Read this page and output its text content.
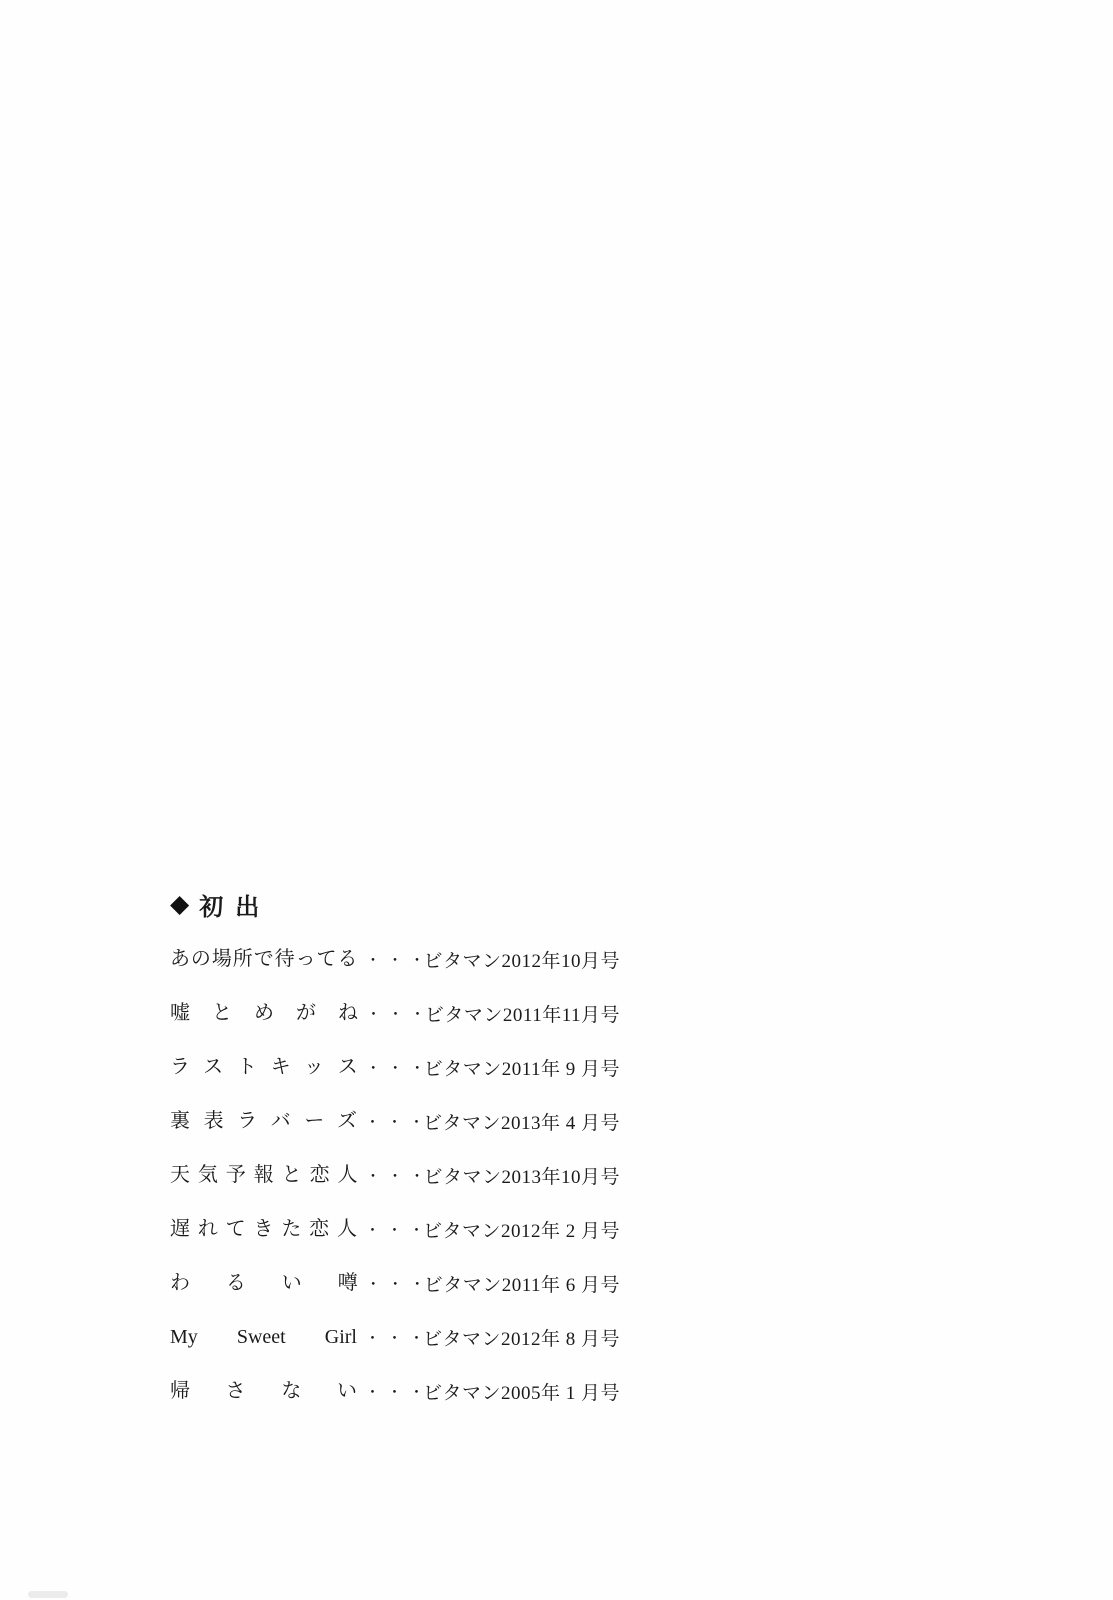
◆ 初 出
あの場所で待ってる ・・・
ビタマン2012年10月号
嘘とめがね ・・・
ビタマン2011年11月号
ラストキッス ・・・
ビタマン2011年 9 月号
裏表ラバーズ ・・・
ビタマン2013年 4 月号
天気予報と恋人 ・・・
ビタマン2013年10月号
遅れてきた恋人 ・・・
ビタマン2012年 2 月号
わるい噂 ・・・
ビタマン2011年 6 月号
My Sweet Girl ・・・
ビタマン2012年 8 月号
帰さない ・・・
ビタマン2005年 1 月号
